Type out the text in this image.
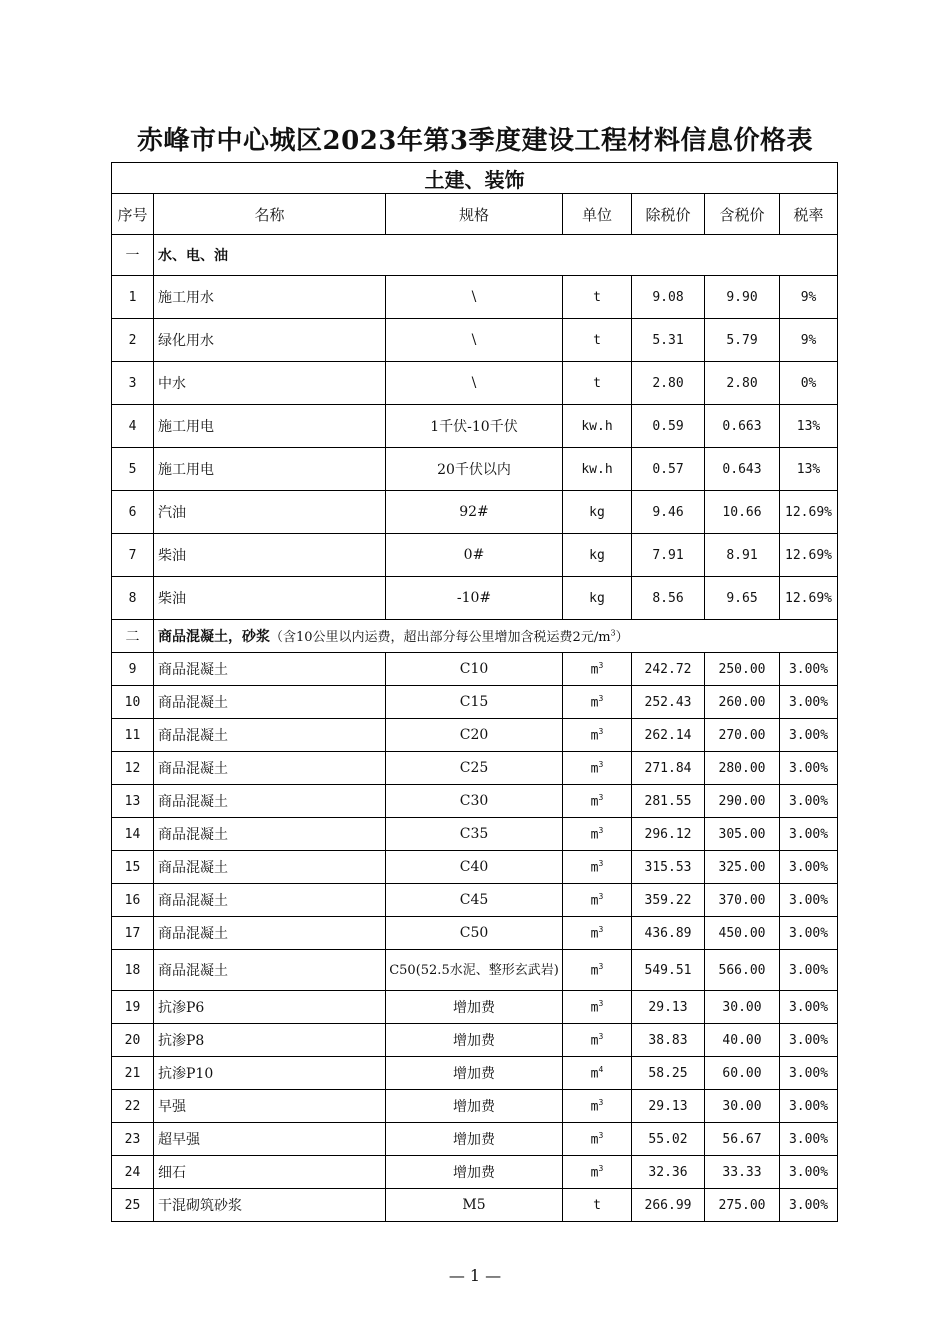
赤峰市中心城区2023年第3季度建设工程材料信息价格表
土建、装饰						
序号	名称	规格	单位	除税价	含税价	税率
一	水、电、油					
1	施工用水	\	t	9.08	9.90	9%
2	绿化用水	\	t	5.31	5.79	9%
3	中水	\	t	2.80	2.80	0%
4	施工用电	1千伏-10千伏	kw.h	0.59	0.663	13%
5	施工用电	20千伏以内	kw.h	0.57	0.643	13%
6	汽油	92#	kg	9.46	10.66	12.69%
7	柴油	0#	kg	7.91	8.91	12.69%
8	柴油	-10#	kg	8.56	9.65	12.69%
二	商品混凝土，砂浆（含10公里以内运费，超出部分每公里增加含税运费2元/m$^3$）					
9	商品混凝土	C10	$m^3$	242.72	250.00	3.00%
10	商品混凝土	C15	$m^3$	252.43	260.00	3.00%
11	商品混凝土	C20	$m^3$	262.14	270.00	3.00%
12	商品混凝土	C25	$m^3$	271.84	280.00	3.00%
13	商品混凝土	C30	$m^3$	281.55	290.00	3.00%
14	商品混凝土	C35	$m^3$	296.12	305.00	3.00%
15	商品混凝土	C40	$m^3$	315.53	325.00	3.00%
16	商品混凝土	C45	$m^3$	359.22	370.00	3.00%
17	商品混凝土	C50	$m^3$	436.89	450.00	3.00%
18	商品混凝土	C50(52.5水泥、整形玄武岩)	$m^3$	549.51	566.00	3.00%
19	抗渗P6	增加费	$m^3$	29.13	30.00	3.00%
20	抗渗P8	增加费	$m^3$	38.83	40.00	3.00%
21	抗渗P10	增加费	$m^4$	58.25	60.00	3.00%
22	早强	增加费	$m^3$	29.13	30.00	3.00%
23	超早强	增加费	$m^3$	55.02	56.67	3.00%
24	细石	增加费	$m^3$	32.36	33.33	3.00%
25	干混砌筑砂浆	M5	t	266.99	275.00	3.00%
— 1 —
